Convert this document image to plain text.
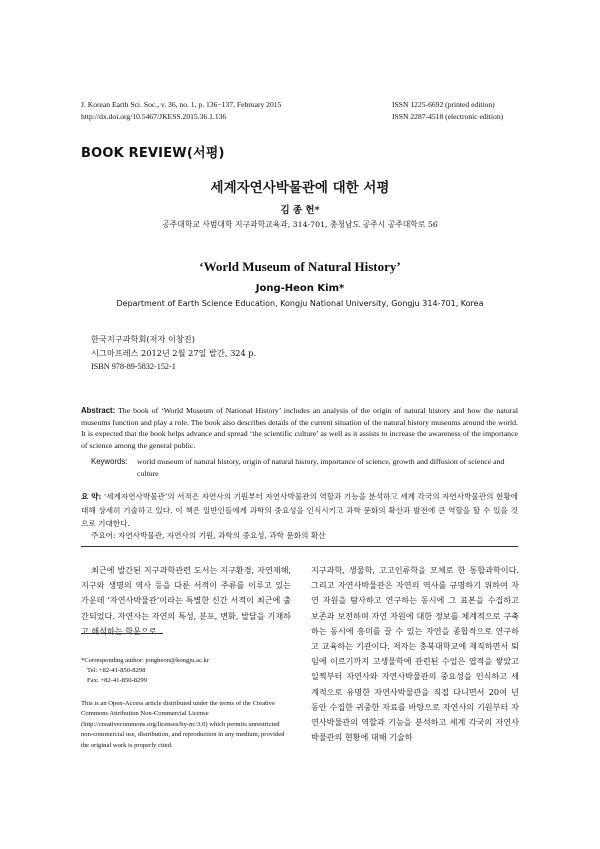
J. Korean Earth Sci. Soc., v. 36, no. 1, p. 136−137, February 2015
http://dx.doi.org/10.5467/JKESS.2015.36.1.136
ISSN 1225-6692 (printed edition)
ISSN 2287-4518 (electronic edition)
BOOK REVIEW(서평)
세계자연사박물관에 대한 서평
김 종 헌*
공주대학교 사범대학 지구과학교육과, 314-701, 충청남도 공주시 공주대학로 56
‘World Museum of Natural History’
Jong-Heon Kim*
Department of Earth Science Education, Kongju National University, Gongju 314-701, Korea
한국지구과학회(저자 이창진)
시그마프레스 2012년 2월 27일 발간, 324 p.
ISBN 978-89-5832-152-1
Abstract: The book of ‘World Museum of National History’ includes an analysis of the origin of natural history and how the natural museums function and play a role. The book also describes details of the current situation of the natural history museums around the world. It is expected that the book helps advance and spread ‘the scientific culture’ as well as it assists to increase the awareness of the importance of science among the general public.
Keywords: world museum of natural history, origin of natural history, importance of science, growth and diffusion of science and culture
요 약: ‘세계자연사박물관’의 서적은 자연사의 기원부터 자연사박물관의 역할과 기능을 분석하고 세계 각국의 자연사박물관의 현황에 대해 상세히 기술하고 있다. 이 책은 일반인들에게 과학의 중요성을 인식시키고 과학 문화의 확산과 발전에 큰 역할을 할 수 있을 것으로 기대한다.
주요어: 자연사박물관, 자연사의 기원, 과학의 중요성, 과학 문화의 확산
최근에 발간된 지구과학관련 도서는 지구환경, 자연재해, 지구와 생명의 역사 등을 다룬 서적이 주류를 이루고 있는 가운데 ‘자연사박물관’이라는 특별한 신간 서적이 최근에 출간되었다. 자연사는 자연의 특성, 분포, 변화, 발달을 기재하고 해석하는 학문으로
지구과학, 생물학, 고고인류학을 모체로 한 통합과학이다. 그리고 자연사박물관은 자연의 역사를 규명하기 위하여 자연 자원을 탐사하고 연구하는 동시에 그 표본을 수집하고 보존과 보전하며 자연 자원에 대한 정보를 체계적으로 구축하는 동시에 흥미를 끌 수 있는 자연을 종합적으로 연구하고 교육하는 기관이다. 저자는 충북대학교에 재직하면서 퇴임에 이르기까지 고생물학에 관련된 수업은 엽적을 쌓았고 일찍부터 자연사와 자연사박물관의 중요성을 인식하고 세계적으로 유명한 자연사박물관을 직접 다니면서 20여 년 동안 수집한 귀중한 자료를 바탕으로 자연사의 기원부터 자연사박물관의 역할과 기능을 분석하고 세계 각국의 자연사박물관의 현황에 대해 기술하
*Corresponding author: jongheon@kongju.ac.kr
Tel: +82-41-850-8298
Fax: +82-41-850-8299
This is an Open-Access article distributed under the terms of the Creative Commons Attribution Non-Commercial License (http://creativecommons.org/licenses/by-nc/3.0) which permits unrestricted non-commercial use, distribution, and reproduction in any medium, provided the original work is properly cited.
